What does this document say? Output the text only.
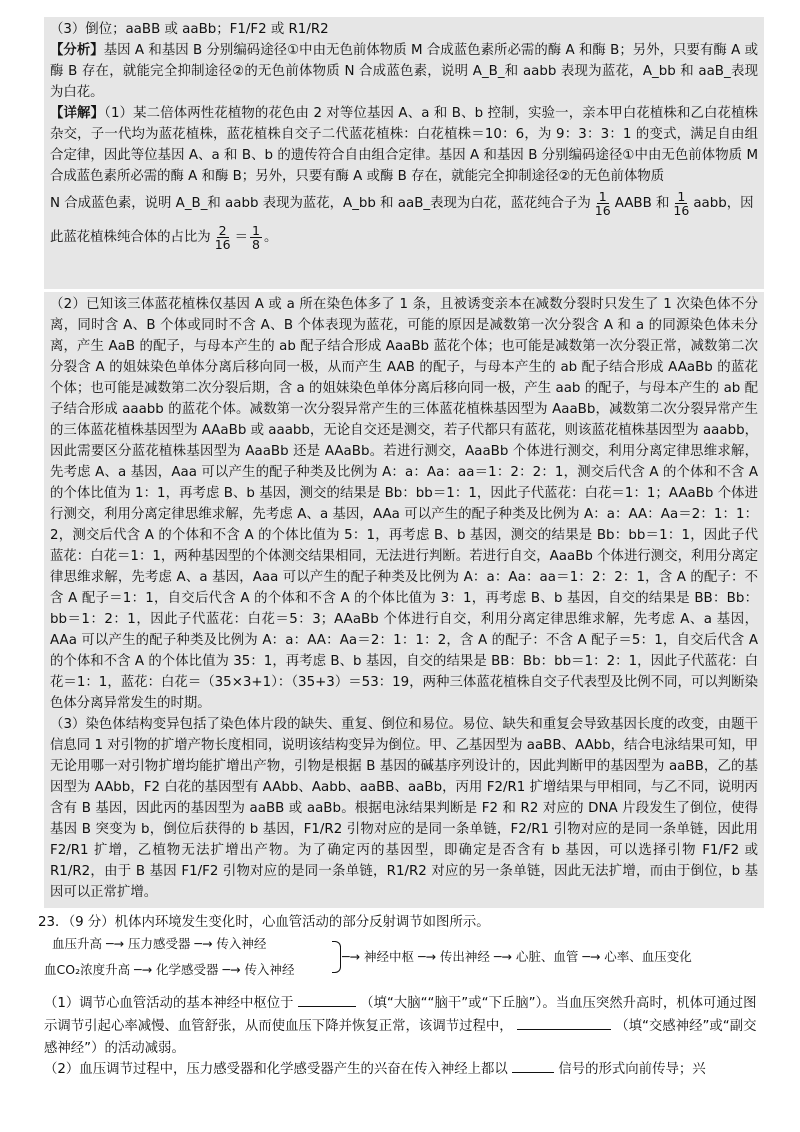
（3）倒位；aaBB 或 aaBb；F1/F2 或 R1/R2

【分析】基因 A 和基因 B 分别编码途径①中由无色前体物质 M 合成蓝色素所必需的酶 A 和酶 B；另外，只要有酶 A 或酶 B 存在，就能完全抑制途径②的无色前体物质 N 合成蓝色素，说明 A_B_和 aabb 表现为蓝花，A_bb 和 aaB_表现为白花。

【详解】（1）某二倍体两性花植物的花色由 2 对等位基因 A、a 和 B、b 控制，实验一，亲本甲白花植株和乙白花植株杂交，子一代均为蓝花植株，蓝花植株自交子二代蓝花植株：白花植株＝10：6，为 9：3：3：1 的变式，满足自由组合定律，因此等位基因 A、a 和 B、b 的遗传符合自由组合定律。基因 A 和基因 B 分别编码途径①中由无色前体物质 M 合成蓝色素所必需的酶 A 和酶 B；另外，只要有酶 A 或酶 B 存在，就能完全抑制途径②的无色前体物质

N 合成蓝色素，说明 A_B_和 aabb 表现为蓝花，A_bb 和 aaB_表现为白花，蓝花纯合子为 $\frac{1}{16}$ AABB 和 $\frac{1}{16}$ aabb，因

此蓝花植株纯合体的占比为 $\frac{2}{16} = \frac{1}{8}$ 。

（2）已知该三体蓝花植株仅基因 A 或 a 所在染色体多了 1 条，且被诱变亲本在减数分裂时只发生了 1 次染色体不分离，同时含 A、B 个体或同时不含 A、B 个体表现为蓝花，可能的原因是减数第一次分裂含 A 和 a 的同源染色体未分离，产生 AaB 的配子，与母本产生的 ab 配子结合形成 AaaBb 蓝花个体；也可能是减数第一次分裂正常，减数第二次分裂含 A 的姐妹染色单体分离后移向同一极，从而产生 AAB 的配子，与母本产生的 ab 配子结合形成 AAaBb 的蓝花个体；也可能是减数第二次分裂后期，含 a 的姐妹染色单体分离后移向同一极，产生 aab 的配子，与母本产生的 ab 配子结合形成 aaabb 的蓝花个体。减数第一次分裂异常产生的三体蓝花植株基因型为 AaaBb，减数第二次分裂异常产生的三体蓝花植株基因型为 AAaBb 或 aaabb，无论自交还是测交，若子代都只有蓝花，则该蓝花植株基因型为 aaabb，因此需要区分蓝花植株基因型为 AaaBb 还是 AAaBb。若进行测交，AaaBb 个体进行测交，利用分离定律思维求解，先考虑 A、a 基因，Aaa 可以产生的配子种类及比例为 A：a：Aa：aa＝1：2：2：1，测交后代含 A 的个体和不含 A 的个体比值为 1：1，再考虑 B、b 基因，测交的结果是 Bb：bb＝1：1，因此子代蓝花：白花＝1：1；AAaBb 个体进行测交，利用分离定律思维求解，先考虑 A、a 基因，AAa 可以产生的配子种类及比例为 A：a：AA：Aa＝2：1：1：2，测交后代含 A 的个体和不含 A 的个体比值为 5：1，再考虑 B、b 基因，测交的结果是 Bb：bb＝1：1，因此子代蓝花：白花＝1：1，两种基因型的个体测交结果相同，无法进行判断。若进行自交，AaaBb 个体进行测交，利用分离定律思维求解，先考虑 A、a 基因，Aaa 可以产生的配子种类及比例为 A：a：Aa：aa＝1：2：2：1，含 A 的配子：不含 A 配子＝1：1，自交后代含 A 的个体和不含 A 的个体比值为 3：1，再考虑 B、b 基因，自交的结果是 BB：Bb：bb＝1：2：1，因此子代蓝花：白花＝5：3；AAaBb 个体进行自交，利用分离定律思维求解，先考虑 A、a 基因，AAa 可以产生的配子种类及比例为 A：a：AA：Aa＝2：1：1：2，含 A 的配子：不含 A 配子＝5：1，自交后代含 A 的个体和不含 A 的个体比值为 35：1，再考虑 B、b 基因，自交的结果是 BB：Bb：bb＝1：2：1，因此子代蓝花：白花＝1：1，蓝花：白花＝（35×3+1）：（35+3）＝53：19，两种三体蓝花植株自交子代表型及比例不同，可以判断染色体分离异常发生的时期。

（3）染色体结构变异包括了染色体片段的缺失、重复、倒位和易位。易位、缺失和重复会导致基因长度的改变，由题干信息同 1 对引物的扩增产物长度相同，说明该结构变异为倒位。甲、乙基因型为 aaBB、AAbb，结合电泳结果可知，甲无论用哪一对引物扩增均能扩增出产物，引物是根据 B 基因的碱基序列设计的，因此判断甲的基因型为 aaBB，乙的基因型为 AAbb，F2 白花的基因型有 AAbb、Aabb、aaBB、aaBb，丙用 F2/R1 扩增结果与甲相同，与乙不同，说明丙含有 B 基因，因此丙的基因型为 aaBB 或 aaBb。根据电泳结果判断是 F2 和 R2 对应的 DNA 片段发生了倒位，使得基因 B 突变为 b，倒位后获得的 b 基因，F1/R2 引物对应的是同一条单链，F2/R1 引物对应的是同一条单链，因此用 F2/R1 扩增，乙植物无法扩增出产物。为了确定丙的基因型，即确定是否含有 b 基因，可以选择引物 F1/F2 或 R1/R2，由于 B 基因 F1/F2 引物对应的是同一条单链，R1/R2 对应的另一条单链，因此无法扩增，而由于倒位，b 基因可以正常扩增。

23．（9 分）机体内环境发生变化时，心血管活动的部分反射调节如图所示。
血压升高 ─→ 压力感受器 ─→ 传入神经
血CO₂浓度升高 ─→ 化学感受器 ─→ 传入神经
─→ 神经中枢 ─→ 传出神经 ─→ 心脏、血管 ─→ 心率、血压变化
（1）调节心血管活动的基本神经中枢位于	（填“大脑““脑干”或“下丘脑”）。当血压突然升高时，机体可通过图示调节引起心率减慢、血管舒张，从而使血压下降并恢复正常，该调节过程中，	（填“交感神经”或“副交感神经”）的活动减弱。
（2）血压调节过程中，压力感受器和化学感受器产生的兴奋在传入神经上都以	信号的形式向前传导；兴
